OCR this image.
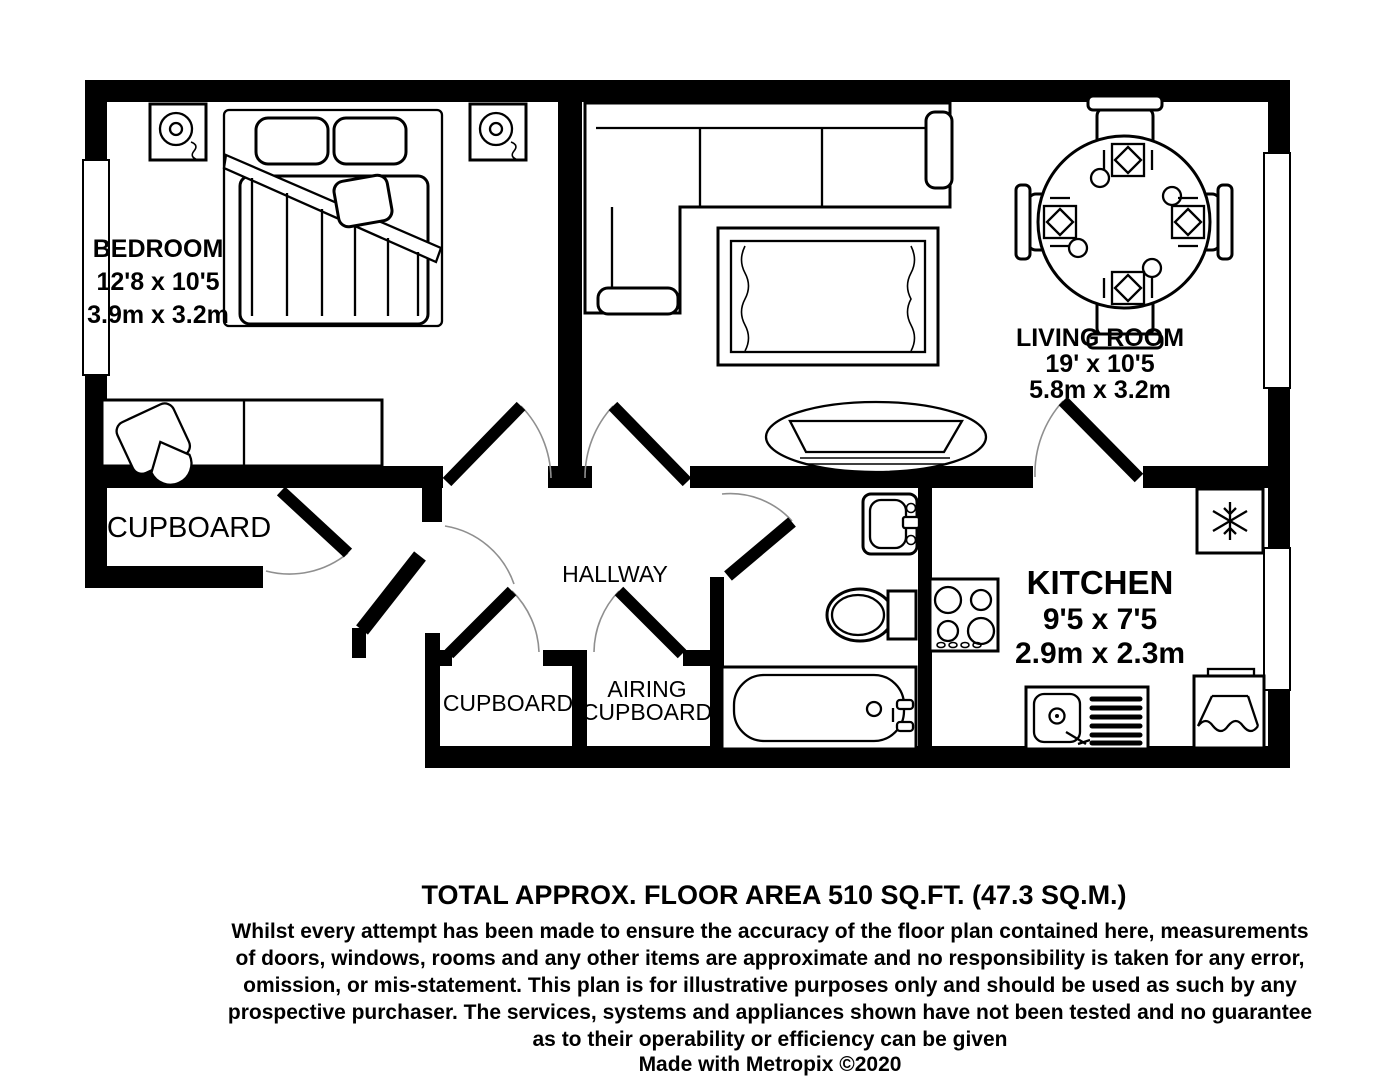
BEDROOM
12'8 x 10'5
3.9m x 3.2m
LIVING ROOM
19' x 10'5
5.8m x 3.2m
KITCHEN
9'5 x 7'5
2.9m x 2.3m
CUPBOARD
HALLWAY
CUPBOARD
AIRING
CUPBOARD
TOTAL APPROX. FLOOR AREA 510 SQ.FT. (47.3 SQ.M.)
Whilst every attempt has been made to ensure the accuracy of the floor plan contained here, measurements
of doors, windows, rooms and any other items are approximate and no responsibility is taken for any error,
omission, or mis-statement. This plan is for illustrative purposes only and should be used as such by any
prospective purchaser. The services, systems and appliances shown have not been tested and no guarantee
as to their operability or efficiency can be given
Made with Metropix ©2020
